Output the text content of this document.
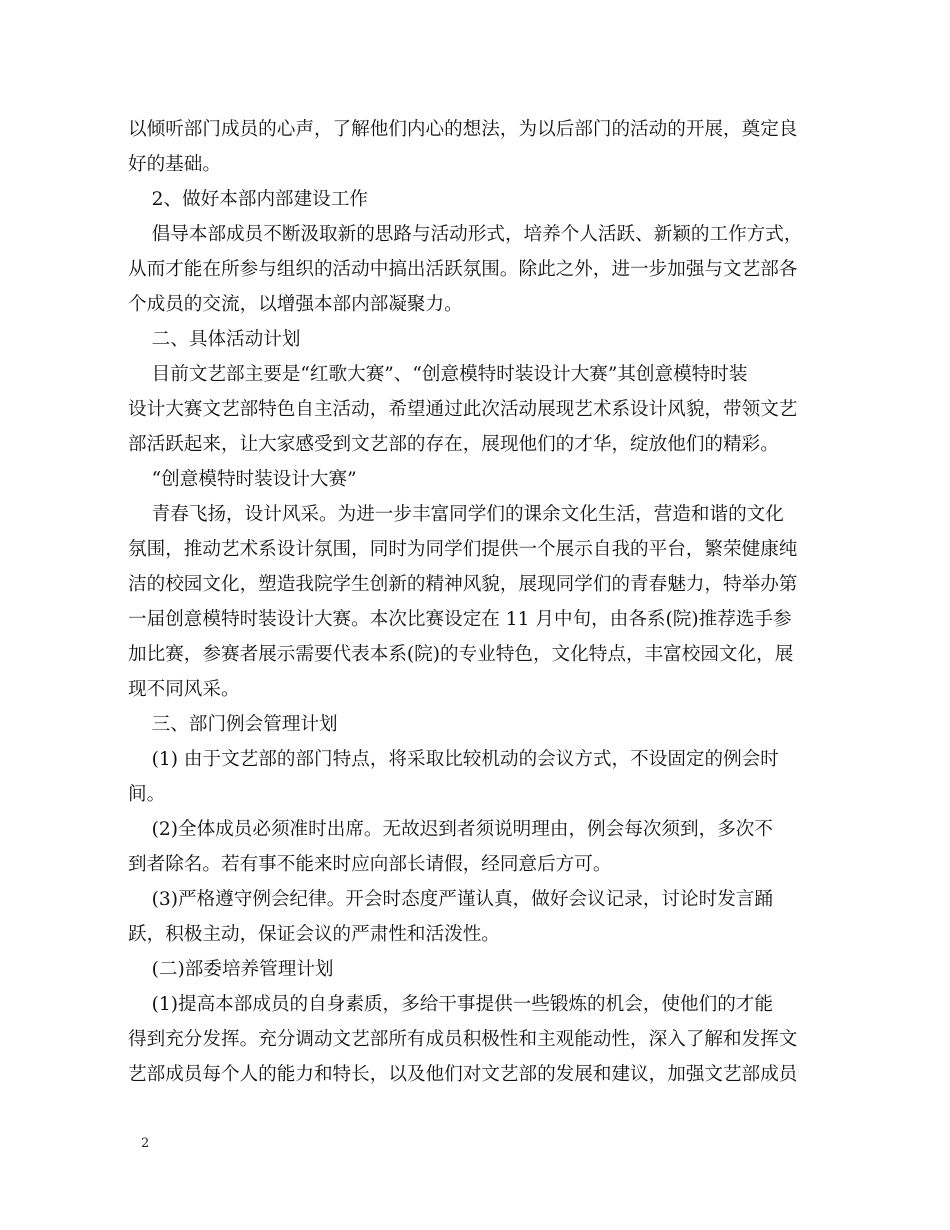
以倾听部门成员的心声，了解他们内心的想法，为以后部门的活动的开展，奠定良

好的基础。

2、做好本部内部建设工作

倡导本部成员不断汲取新的思路与活动形式，培养个人活跃、新颖的工作方式，

从而才能在所参与组织的活动中搞出活跃氛围。除此之外，进一步加强与文艺部各

个成员的交流，以增强本部内部凝聚力。

二、具体活动计划

目前文艺部主要是“红歌大赛”、“创意模特时装设计大赛”其创意模特时装

设计大赛文艺部特色自主活动，希望通过此次活动展现艺术系设计风貌，带领文艺

部活跃起来，让大家感受到文艺部的存在，展现他们的才华，绽放他们的精彩。

“创意模特时装设计大赛”

青春飞扬，设计风采。为进一步丰富同学们的课余文化生活，营造和谐的文化

氛围，推动艺术系设计氛围，同时为同学们提供一个展示自我的平台，繁荣健康纯

洁的校园文化，塑造我院学生创新的精神风貌，展现同学们的青春魅力，特举办第

一届创意模特时装设计大赛。本次比赛设定在 11 月中旬，由各系(院)推荐选手参

加比赛，参赛者展示需要代表本系(院)的专业特色，文化特点，丰富校园文化，展

现不同风采。

三、部门例会管理计划

(1) 由于文艺部的部门特点，将采取比较机动的会议方式，不设固定的例会时

间。

(2)全体成员必须准时出席。无故迟到者须说明理由，例会每次须到，多次不

到者除名。若有事不能来时应向部长请假，经同意后方可。

(3)严格遵守例会纪律。开会时态度严谨认真，做好会议记录，讨论时发言踊

跃，积极主动，保证会议的严肃性和活泼性。

(二)部委培养管理计划

(1)提高本部成员的自身素质，多给干事提供一些锻炼的机会，使他们的才能

得到充分发挥。充分调动文艺部所有成员积极性和主观能动性，深入了解和发挥文

艺部成员每个人的能力和特长，以及他们对文艺部的发展和建议，加强文艺部成员

2
